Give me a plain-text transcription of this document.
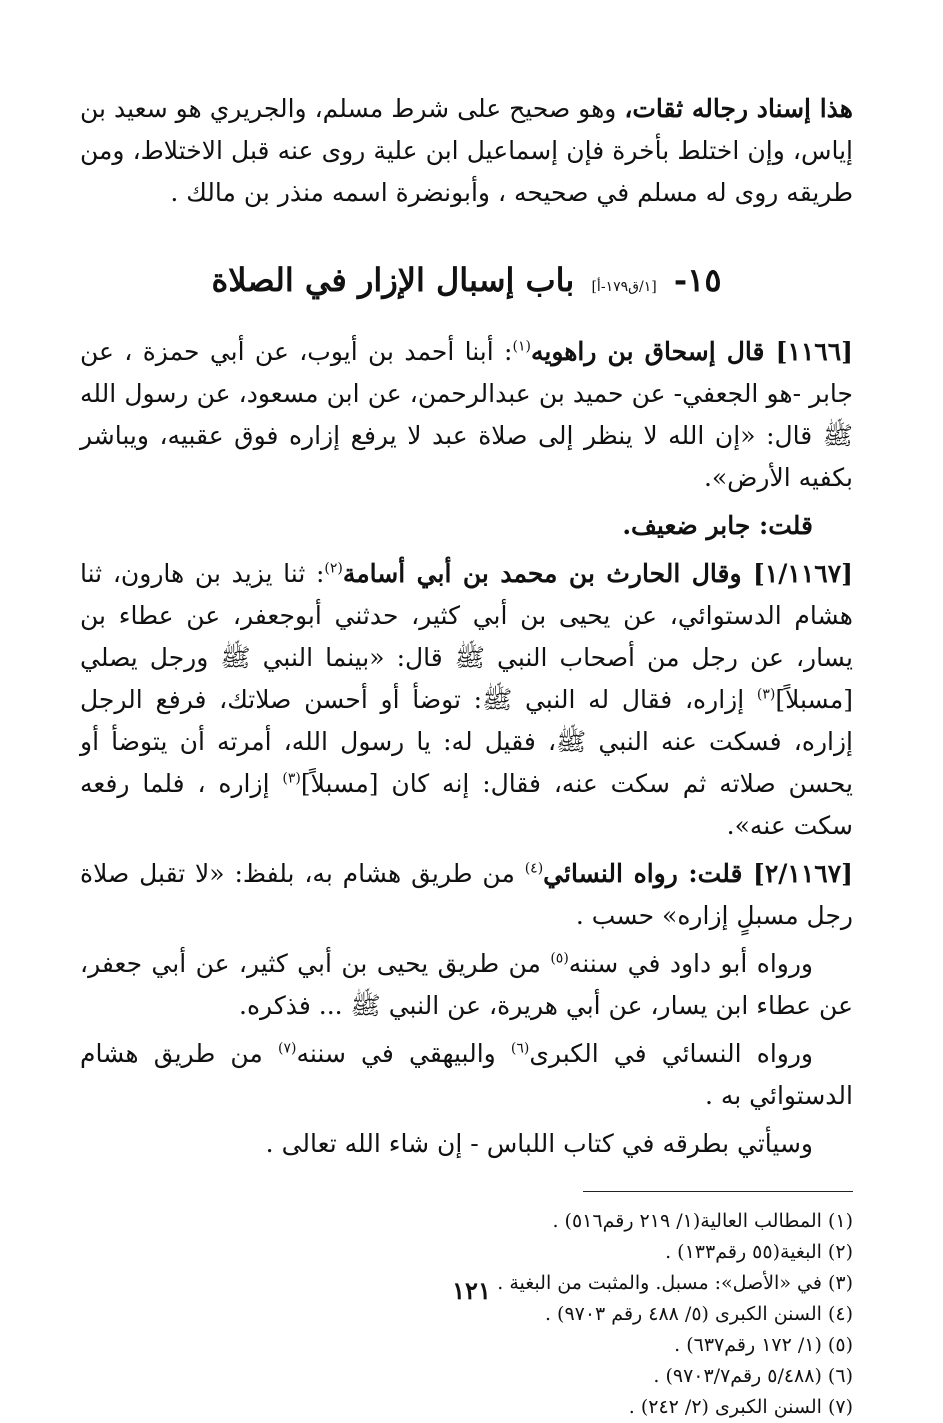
هذا إسناد رجاله ثقات، وهو صحيح على شرط مسلم، والجريري هو سعيد بن إياس، وإن اختلط بأخرة فإن إسماعيل ابن علية روى عنه قبل الاختلاط، ومن طريقه روى له مسلم في صحيحه ، وأبونضرة اسمه منذر بن مالك .

١٥- [١/ق١٧٩-أ] باب إسبال الإزار في الصلاة

[١١٦٦] قال إسحاق بن راهويه$^{(١)}$: أبنا أحمد بن أيوب، عن أبي حمزة ، عن جابر -هو الجعفي- عن حميد بن عبدالرحمن، عن ابن مسعود، عن رسول الله ﷺ قال: «إن الله لا ينظر إلى صلاة عبد لا يرفع إزاره فوق عقبيه، ويباشر بكفيه الأرض».

قلت: جابر ضعيف.

[١/١١٦٧] وقال الحارث بن محمد بن أبي أسامة$^{(٢)}$: ثنا يزيد بن هارون، ثنا هشام الدستوائي، عن يحيى بن أبي كثير، حدثني أبوجعفر، عن عطاء بن يسار، عن رجل من أصحاب النبي ﷺ قال: «بينما النبي ﷺ ورجل يصلي [مسبلاً]$^{(٣)}$ إزاره، فقال له النبي ﷺ: توضأ أو أحسن صلاتك، فرفع الرجل إزاره، فسكت عنه النبي ﷺ، فقيل له: يا رسول الله، أمرته أن يتوضأ أو يحسن صلاته ثم سكت عنه، فقال: إنه كان [مسبلاً]$^{(٣)}$ إزاره ، فلما رفعه سكت عنه».

[٢/١١٦٧] قلت: رواه النسائي$^{(٤)}$ من طريق هشام به، بلفظ: «لا تقبل صلاة رجل مسبلٍ إزاره» حسب .

ورواه أبو داود في سننه$^{(٥)}$ من طريق يحيى بن أبي كثير، عن أبي جعفر، عن عطاء ابن يسار، عن أبي هريرة، عن النبي ﷺ ... فذكره.

ورواه النسائي في الكبرى$^{(٦)}$ والبيهقي في سننه$^{(٧)}$ من طريق هشام الدستوائي به .

وسيأتي بطرقه في كتاب اللباس - إن شاء الله تعالى .

(١) المطالب العالية(١/ ٢١٩ رقم٥١٦) .
(٢) البغية(٥٥ رقم١٣٣) .
(٣) في «الأصل»: مسبل. والمثبت من البغية .
(٤) السنن الكبرى (٥/ ٤٨٨ رقم ٩٧٠٣) .
(٥) (١/ ١٧٢ رقم٦٣٧) .
(٦) (٥/٤٨٨ رقم٩٧٠٣/٧) .
(٧) السنن الكبرى (٢/ ٢٤٢) .
١٢١
